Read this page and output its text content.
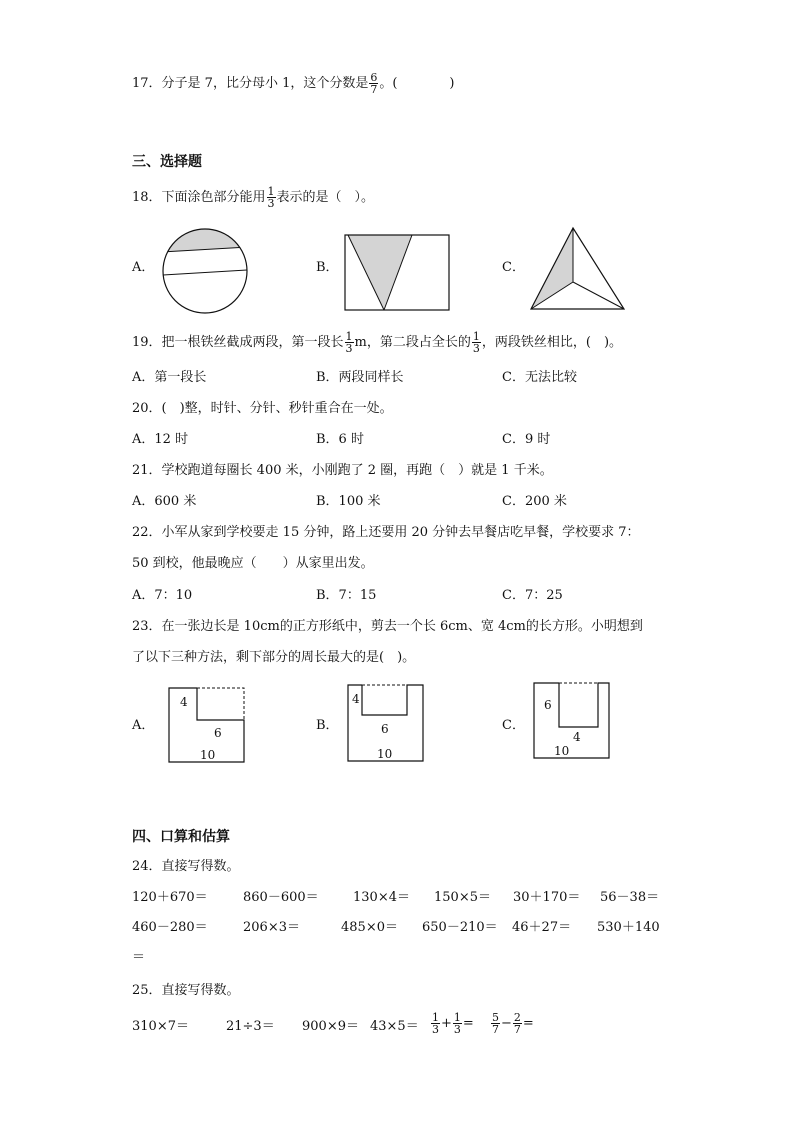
17．分子是 7，比分母小 1，这个分数是 $\frac{6}{7}$ 。(　　　　)
三、选择题
18．下面涂色部分能用 $\frac{1}{3}$ 表示的是（　）。
A．	B．	C．
19．把一根铁丝截成两段，第一段长 $\frac{1}{3}$ m，第二段占全长的 $\frac{1}{3}$ ，两段铁丝相比，(　)。
A．第一段长	B．两段同样长	C．无法比较
20．(　)整，时针、分针、秒针重合在一处。
A．12 时	B．6 时	C．9 时
21．学校跑道每圈长 400 米，小刚跑了 2 圈，再跑（　）就是 1 千米。
A．600 米	B．100 米	C．200 米
22．小军从家到学校要走 15 分钟，路上还要用 20 分钟去早餐店吃早餐，学校要求 7：
50 到校，他最晚应（　　）从家里出发。
A．7：10	B．7：15	C．7：25
23．在一张边长是 10cm的正方形纸中，剪去一个长 6cm、宽 4cm的长方形。小明想到
了以下三种方法，剩下部分的周长最大的是(　)。
A．	B．	C．
4
6
10
4
6
10
6
4
10
四、口算和估算
24．直接写得数。
120＋670＝	860－600＝	130×4＝ 150×5＝ 30＋170＝ 56－38＝
460－280＝	206×3＝	485×0＝ 650－210＝ 46＋27＝ 530＋140
＝
25．直接写得数。
310×7＝	$21\div 3= 900\times 9= 43\times 5= \frac{1}{3} + \frac{1}{3} = \frac{5}{7} - \frac{2}{7}$ =
